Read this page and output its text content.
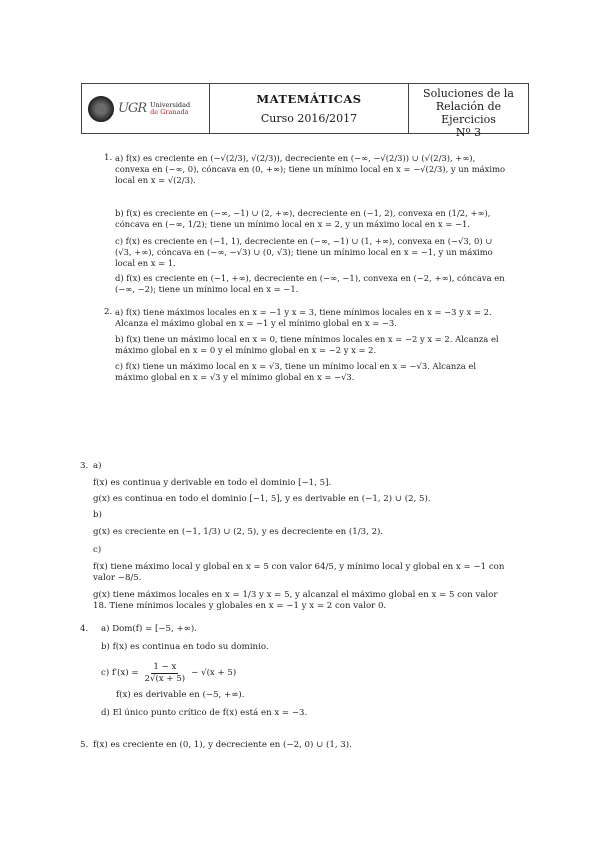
UGR Universidad
de Granada
MATEMÁTICAS
Curso 2016/2017
Soluciones de la
Relación de Ejercicios
Nº 3
1. a) f(x) es creciente en (−√(2/3), √(2/3)), decreciente en (−∞, −√(2/3)) ∪ (√(2/3), +∞), convexa en (−∞, 0), cóncava en (0, +∞); tiene un mínimo local en x = −√(2/3), y un máximo local en x = √(2/3).
b) f(x) es creciente en (−∞, −1) ∪ (2, +∞), decreciente en (−1, 2), convexa en (1/2, +∞), cóncava en (−∞, 1/2); tiene un mínimo local en x = 2, y un máximo local en x = −1.
c) f(x) es creciente en (−1, 1), decreciente en (−∞, −1) ∪ (1, +∞), convexa en (−√3, 0) ∪ (√3, +∞), cóncava en (−∞, −√3) ∪ (0, √3); tiene un mínimo local en x = −1, y un máximo local en x = 1.
d) f(x) es creciente en (−1, +∞), decreciente en (−∞, −1), convexa en (−2, +∞), cóncava en (−∞, −2); tiene un mínimo local en x = −1.
2. a) f(x) tiene máximos locales en x = −1 y x = 3, tiene mínimos locales en x = −3 y x = 2. Alcanza el máximo global en x = −1 y el mínimo global en x = −3.
b) f(x) tiene un máximo local en x = 0, tiene mínimos locales en x = −2 y x = 2. Alcanza el máximo global en x = 0 y el mínimo global en x = −2 y x = 2.
c) f(x) tiene un máximo local en x = √3, tiene un mínimo local en x = −√3. Alcanza el máximo global en x = √3 y el mínimo global en x = −√3.
3. a)
f(x) es continua y derivable en todo el dominio [−1, 5].
g(x) es continua en todo el dominio [−1, 5], y es derivable en (−1, 2) ∪ (2, 5).
b)
g(x) es creciente en (−1, 1/3) ∪ (2, 5), y es decreciente en (1/3, 2).
c)
f(x) tiene máximo local y global en x = 5 con valor 64/5, y mínimo local y global en x = −1 con valor −8/5.
g(x) tiene máximos locales en x = 1/3 y x = 5, y alcanzal el máximo global en x = 5 con valor 18. Tiene mínimos locales y globales en x = −1 y x = 2 con valor 0.
4. a) Dom(f) = [−5, +∞).
b) f(x) es continua en todo su dominio.
c) $f'(x) = \frac{1 - x}{2√(x + 5)} - √(x + 5)$
f(x) es derivable en (−5, +∞).
d) El único punto crítico de f(x) está en x = −3.
5. f(x) es creciente en (0, 1), y decreciente en (−2, 0) ∪ (1, 3).
